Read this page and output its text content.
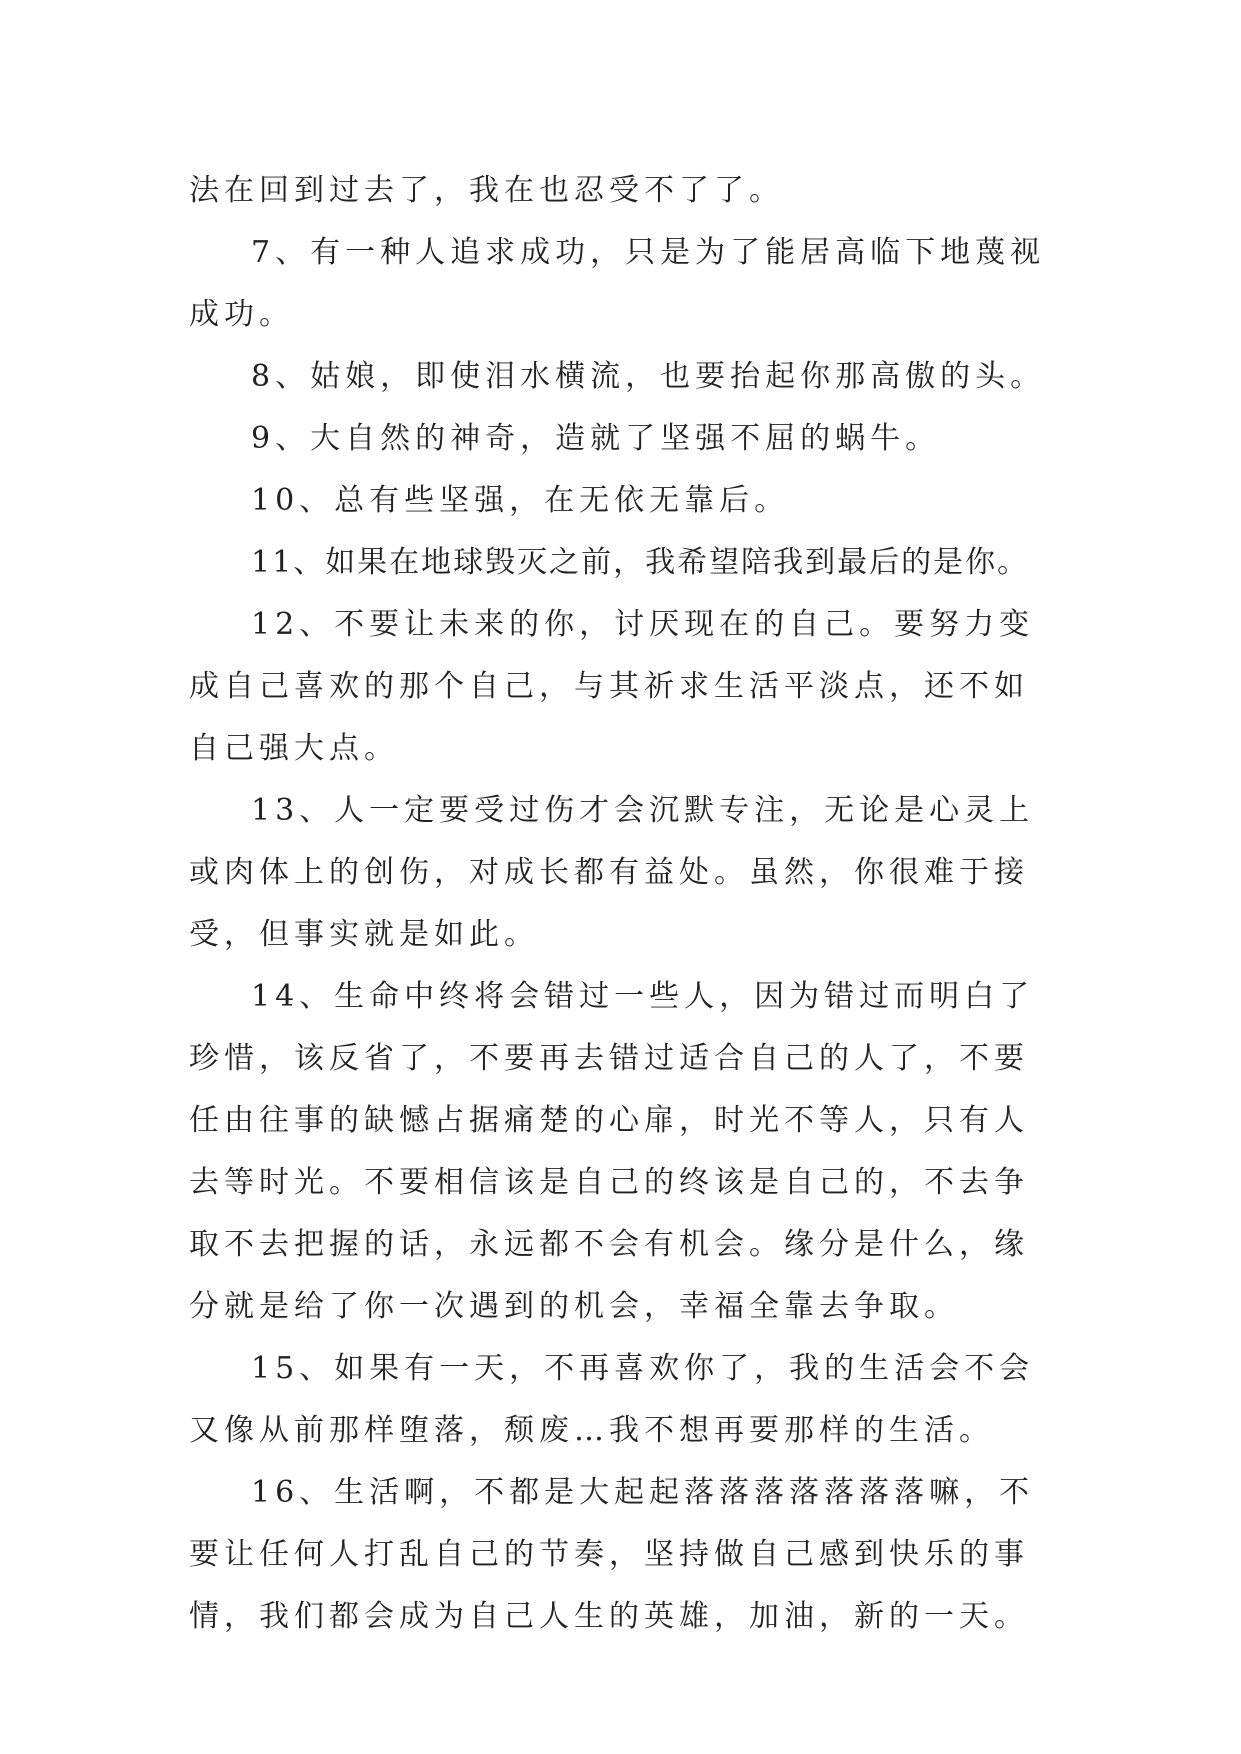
法在回到过去了，我在也忍受不了了。

7、有一种人追求成功，只是为了能居高临下地蔑视成功。

8、姑娘，即使泪水横流，也要抬起你那高傲的头。

9、大自然的神奇，造就了坚强不屈的蜗牛。

10、总有些坚强，在无依无靠后。

11、如果在地球毁灭之前，我希望陪我到最后的是你。

12、不要让未来的你，讨厌现在的自己。要努力变成自己喜欢的那个自己，与其祈求生活平淡点，还不如自己强大点。

13、人一定要受过伤才会沉默专注，无论是心灵上或肉体上的创伤，对成长都有益处。虽然，你很难于接受，但事实就是如此。

14、生命中终将会错过一些人，因为错过而明白了珍惜，该反省了，不要再去错过适合自己的人了，不要任由往事的缺憾占据痛楚的心扉，时光不等人，只有人去等时光。不要相信该是自己的终该是自己的，不去争取不去把握的话，永远都不会有机会。缘分是什么，缘分就是给了你一次遇到的机会，幸福全靠去争取。

15、如果有一天，不再喜欢你了，我的生活会不会又像从前那样堕落，颓废…我不想再要那样的生活。

16、生活啊，不都是大起起落落落落落落落嘛，不要让任何人打乱自己的节奏，坚持做自己感到快乐的事情，我们都会成为自己人生的英雄，加油，新的一天。
